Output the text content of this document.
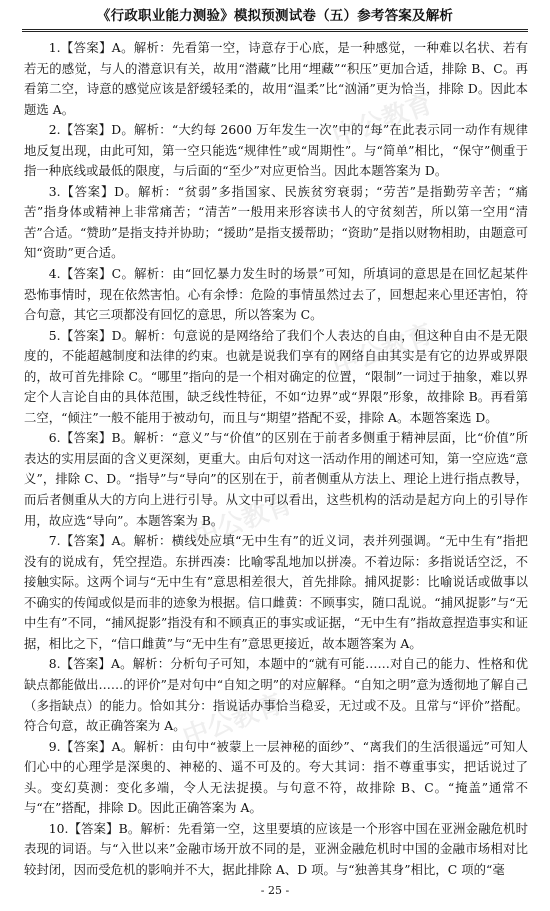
《行政职业能力测验》模拟预测试卷（五）参考答案及解析

1.【答案】A。解析：先看第一空，诗意存于心底，是一种感觉，一种难以名状、若有若无的感觉，与人的潜意识有关，故用“潜藏”比用“埋藏”“积压”更加合适，排除 B、C。再看第二空，诗意的感觉应该是舒缓轻柔的，故用“温柔”比“汹涌”更为恰当，排除 D。因此本题选 A。

2.【答案】D。解析：“大约每 2600 万年发生一次”中的“每”在此表示同一动作有规律地反复出现，由此可知，第一空只能选“规律性”或“周期性”。与“简单”相比，“保守”侧重于指一种底线或最低的限度，与后面的“至少”对应更恰当。因此本题答案为 D。

3.【答案】D。解析：“贫弱”多指国家、民族贫穷衰弱；“劳苦”是指勤劳辛苦；“痛苦”指身体或精神上非常痛苦；“清苦”一般用来形容读书人的守贫刻苦，所以第一空用“清苦”合适。“赞助”是指支持并协助；“援助”是指支援帮助；“资助”是指以财物相助，由题意可知“资助”更合适。

4.【答案】C。解析：由“回忆暴力发生时的场景”可知，所填词的意思是在回忆起某件恐怖事情时，现在依然害怕。心有余悸：危险的事情虽然过去了，回想起来心里还害怕，符合句意，其它三项都没有回忆的意思，所以答案为 C。

5.【答案】D。解析：句意说的是网络给了我们个人表达的自由，但这种自由不是无限度的，不能超越制度和法律的约束。也就是说我们享有的网络自由其实是有它的边界或界限的，故可首先排除 C。“哪里”指向的是一个相对确定的位置，“限制”一词过于抽象，难以界定个人言论自由的具体范围，缺乏线性特征，不如“边界”或“界限”形象，故排除 B。再看第二空，“倾注”一般不能用于被动句，而且与“期望”搭配不妥，排除 A。本题答案选 D。

6.【答案】B。解析：“意义”与“价值”的区别在于前者多侧重于精神层面，比“价值”所表达的实用层面的含义更深刻，更重大。由后句对这一活动作用的阐述可知，第一空应选“意义”，排除 C、D。“指导”与“导向”的区别在于，前者侧重从方法上、理论上进行指点教导，而后者侧重从大的方向上进行引导。从文中可以看出，这些机构的活动是起方向上的引导作用，故应选“导向”。本题答案为 B。

7.【答案】A。解析：横线处应填“无中生有”的近义词，表并列强调。“无中生有”指把没有的说成有，凭空捏造。东拼西凑：比喻零乱地加以拼凑。不着边际：多指说话空泛，不接触实际。这两个词与“无中生有”意思相差很大，首先排除。捕风捉影：比喻说话或做事以不确实的传闻或似是而非的迹象为根据。信口雌黄：不顾事实，随口乱说。“捕风捉影”与“无中生有”不同，“捕风捉影”指没有和不顾真正的事实或证据，“无中生有”指故意捏造事实和证据，相比之下，“信口雌黄”与“无中生有”意思更接近，故本题答案为 A。

8.【答案】A。解析：分析句子可知，本题中的“就有可能……对自己的能力、性格和优缺点都能做出……的评价”是对句中“自知之明”的对应解释。“自知之明”意为透彻地了解自己（多指缺点）的能力。恰如其分：指说话办事恰当稳妥，无过或不及。且常与“评价”搭配。符合句意，故正确答案为 A。

9.【答案】A。解析：由句中“被蒙上一层神秘的面纱”、“离我们的生活很遥远”可知人们心中的心理学是深奥的、神秘的、遥不可及的。夸大其词：指不尊重事实，把话说过了头。变幻莫测：变化多端，令人无法捉摸。与句意不符，故排除 B、C。“掩盖”通常不与“在”搭配，排除 D。因此正确答案为 A。

10.【答案】B。解析：先看第一空，这里要填的应该是一个形容中国在亚洲金融危机时表现的词语。与“入世以来”金融市场开放不同的是，亚洲金融危机时中国的金融市场相对比较封闭，因而受危机的影响并不大，据此排除 A、D 项。与“独善其身”相比，C 项的“毫

中公教育
中公教育
中公教育
中公教育
- 25 -
